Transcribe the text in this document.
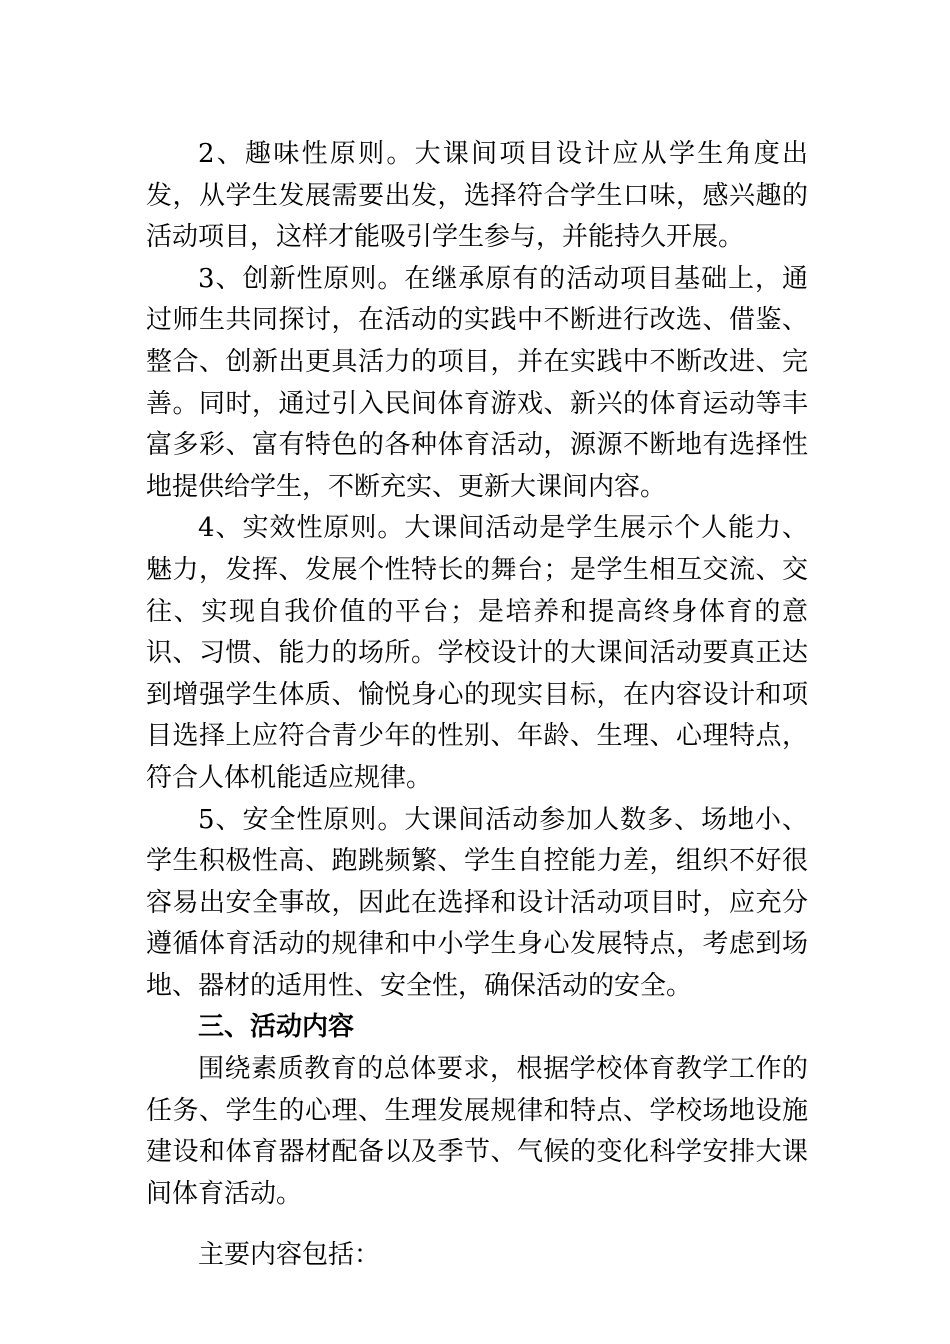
2、趣味性原则。大课间项目设计应从学生角度出发，从学生发展需要出发，选择符合学生口味，感兴趣的活动项目，这样才能吸引学生参与，并能持久开展。

3、创新性原则。在继承原有的活动项目基础上，通过师生共同探讨，在活动的实践中不断进行改选、借鉴、整合、创新出更具活力的项目，并在实践中不断改进、完善。同时，通过引入民间体育游戏、新兴的体育运动等丰富多彩、富有特色的各种体育活动，源源不断地有选择性地提供给学生，不断充实、更新大课间内容。

4、实效性原则。大课间活动是学生展示个人能力、魅力，发挥、发展个性特长的舞台；是学生相互交流、交往、实现自我价值的平台；是培养和提高终身体育的意识、习惯、能力的场所。学校设计的大课间活动要真正达到增强学生体质、愉悦身心的现实目标，在内容设计和项目选择上应符合青少年的性别、年龄、生理、心理特点，符合人体机能适应规律。

5、安全性原则。大课间活动参加人数多、场地小、学生积极性高、跑跳频繁、学生自控能力差，组织不好很容易出安全事故，因此在选择和设计活动项目时，应充分遵循体育活动的规律和中小学生身心发展特点，考虑到场地、器材的适用性、安全性，确保活动的安全。

三、活动内容

围绕素质教育的总体要求，根据学校体育教学工作的任务、学生的心理、生理发展规律和特点、学校场地设施建设和体育器材配备以及季节、气候的变化科学安排大课间体育活动。

主要内容包括：
